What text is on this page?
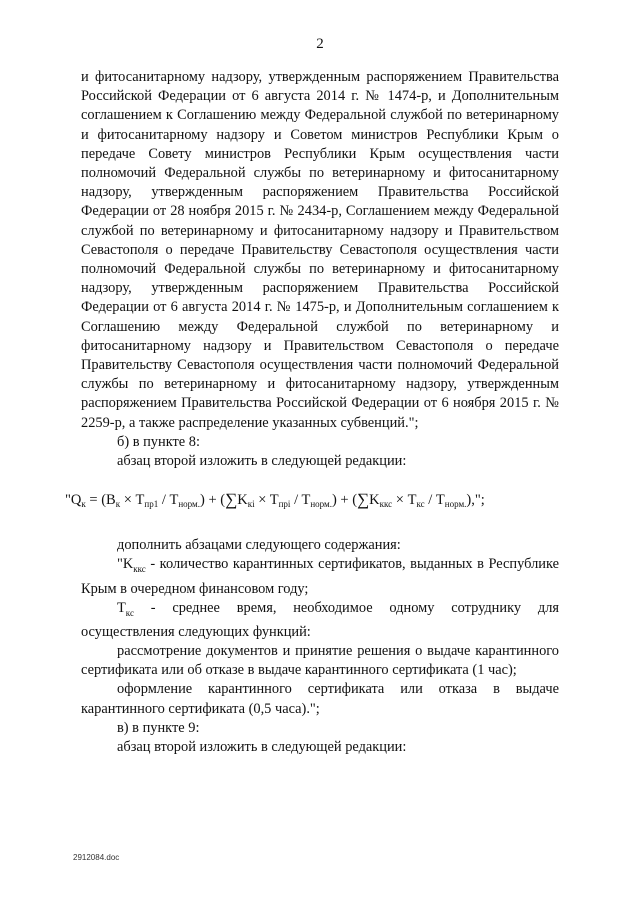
2

и фитосанитарному надзору, утвержденным распоряжением Правительства Российской Федерации от 6 августа 2014 г. № 1474-р, и Дополнительным соглашением к Соглашению между Федеральной службой по ветеринарному и фитосанитарному надзору и Советом министров Республики Крым о передаче Совету министров Республики Крым осуществления части полномочий Федеральной службы по ветеринарному и фитосанитарному надзору, утвержденным распоряжением Правительства Российской Федерации от 28 ноября 2015 г. № 2434-р, Соглашением между Федеральной службой по ветеринарному и фитосанитарному надзору и Правительством Севастополя о передаче Правительству Севастополя осуществления части полномочий Федеральной службы по ветеринарному и фитосанитарному надзору, утвержденным распоряжением Правительства Российской Федерации от 6 августа 2014 г. № 1475-р, и Дополнительным соглашением к Соглашению между Федеральной службой по ветеринарному и фитосанитарному надзору и Правительством Севастополя о передаче Правительству Севастополя осуществления части полномочий Федеральной службы по ветеринарному и фитосанитарному надзору, утвержденным распоряжением Правительства Российской Федерации от 6 ноября 2015 г. № 2259-р, а также распределение указанных субвенций.";

б) в пункте 8:

абзац второй изложить в следующей редакции:

"$Q_к = (B_к \times T_{пр1} / T_{норм.}) + (\sum K_{кi} \times T_{прi} / T_{норм.}) + (\sum K_{ккс} \times T_{кс} / T_{норм.})$,";

дополнить абзацами следующего содержания:

"$K_{ккс}$ - количество карантинных сертификатов, выданных в Республике Крым в очередном финансовом году;

$T_{кс}$ - среднее время, необходимое одному сотруднику для осуществления следующих функций:

рассмотрение документов и принятие решения о выдаче карантинного сертификата или об отказе в выдаче карантинного сертификата (1 час);

оформление карантинного сертификата или отказа в выдаче карантинного сертификата (0,5 часа).";

в) в пункте 9:

абзац второй изложить в следующей редакции:

2912084.doc
